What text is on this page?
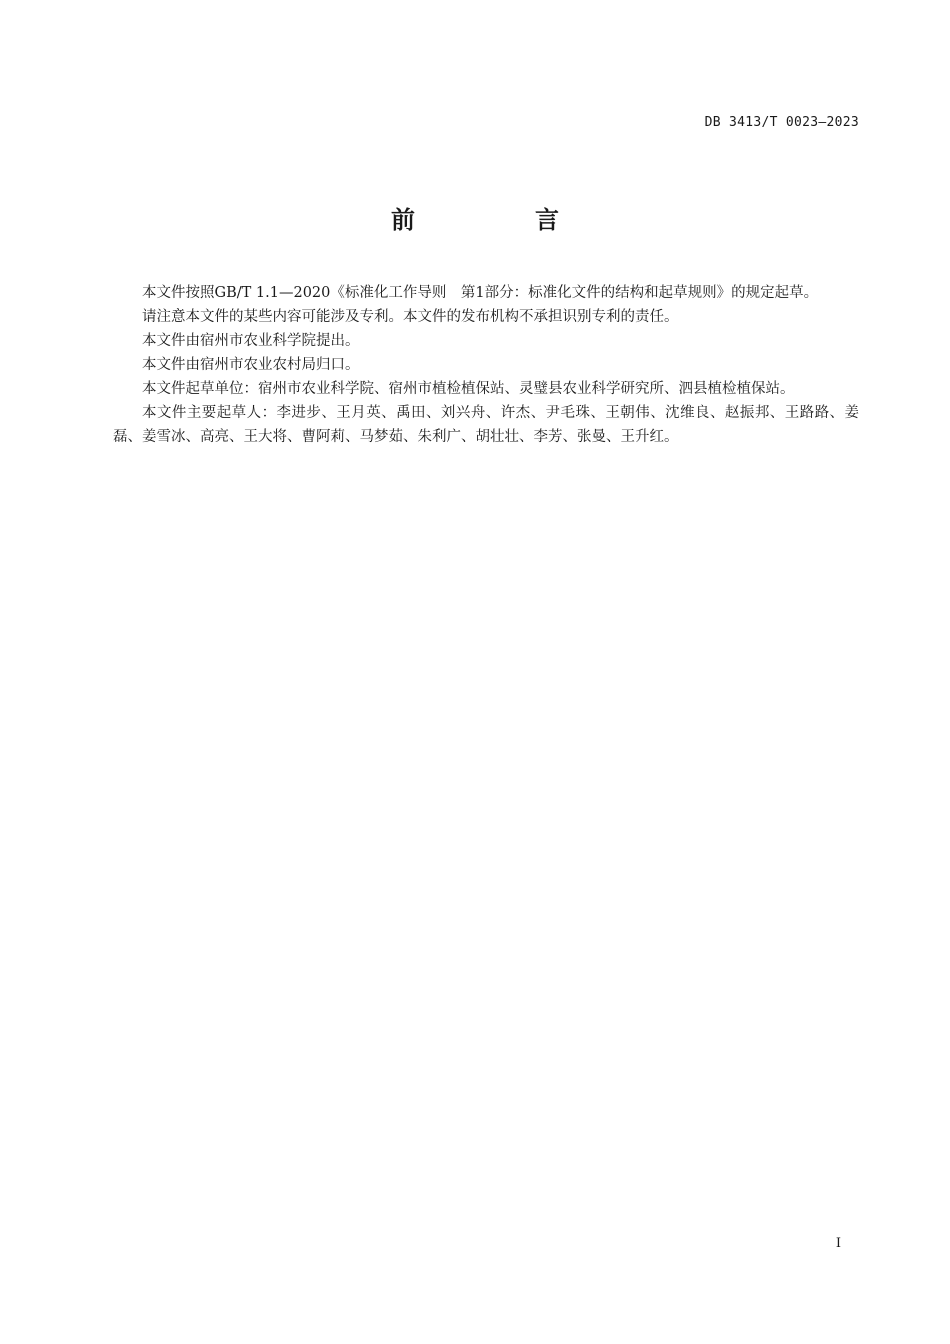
DB 3413/T 0023—2023
前　言

本文件按照GB/T 1.1—2020《标准化工作导则　第1部分：标准化文件的结构和起草规则》的规定起草。

请注意本文件的某些内容可能涉及专利。本文件的发布机构不承担识别专利的责任。

本文件由宿州市农业科学院提出。

本文件由宿州市农业农村局归口。

本文件起草单位：宿州市农业科学院、宿州市植检植保站、灵璧县农业科学研究所、泗县植检植保站。

本文件主要起草人：李进步、王月英、禹田、刘兴舟、许杰、尹毛珠、王朝伟、沈维良、赵振邦、王路路、姜磊、姜雪冰、高亮、王大将、曹阿莉、马梦茹、朱利广、胡壮壮、李芳、张曼、王升红。

I
